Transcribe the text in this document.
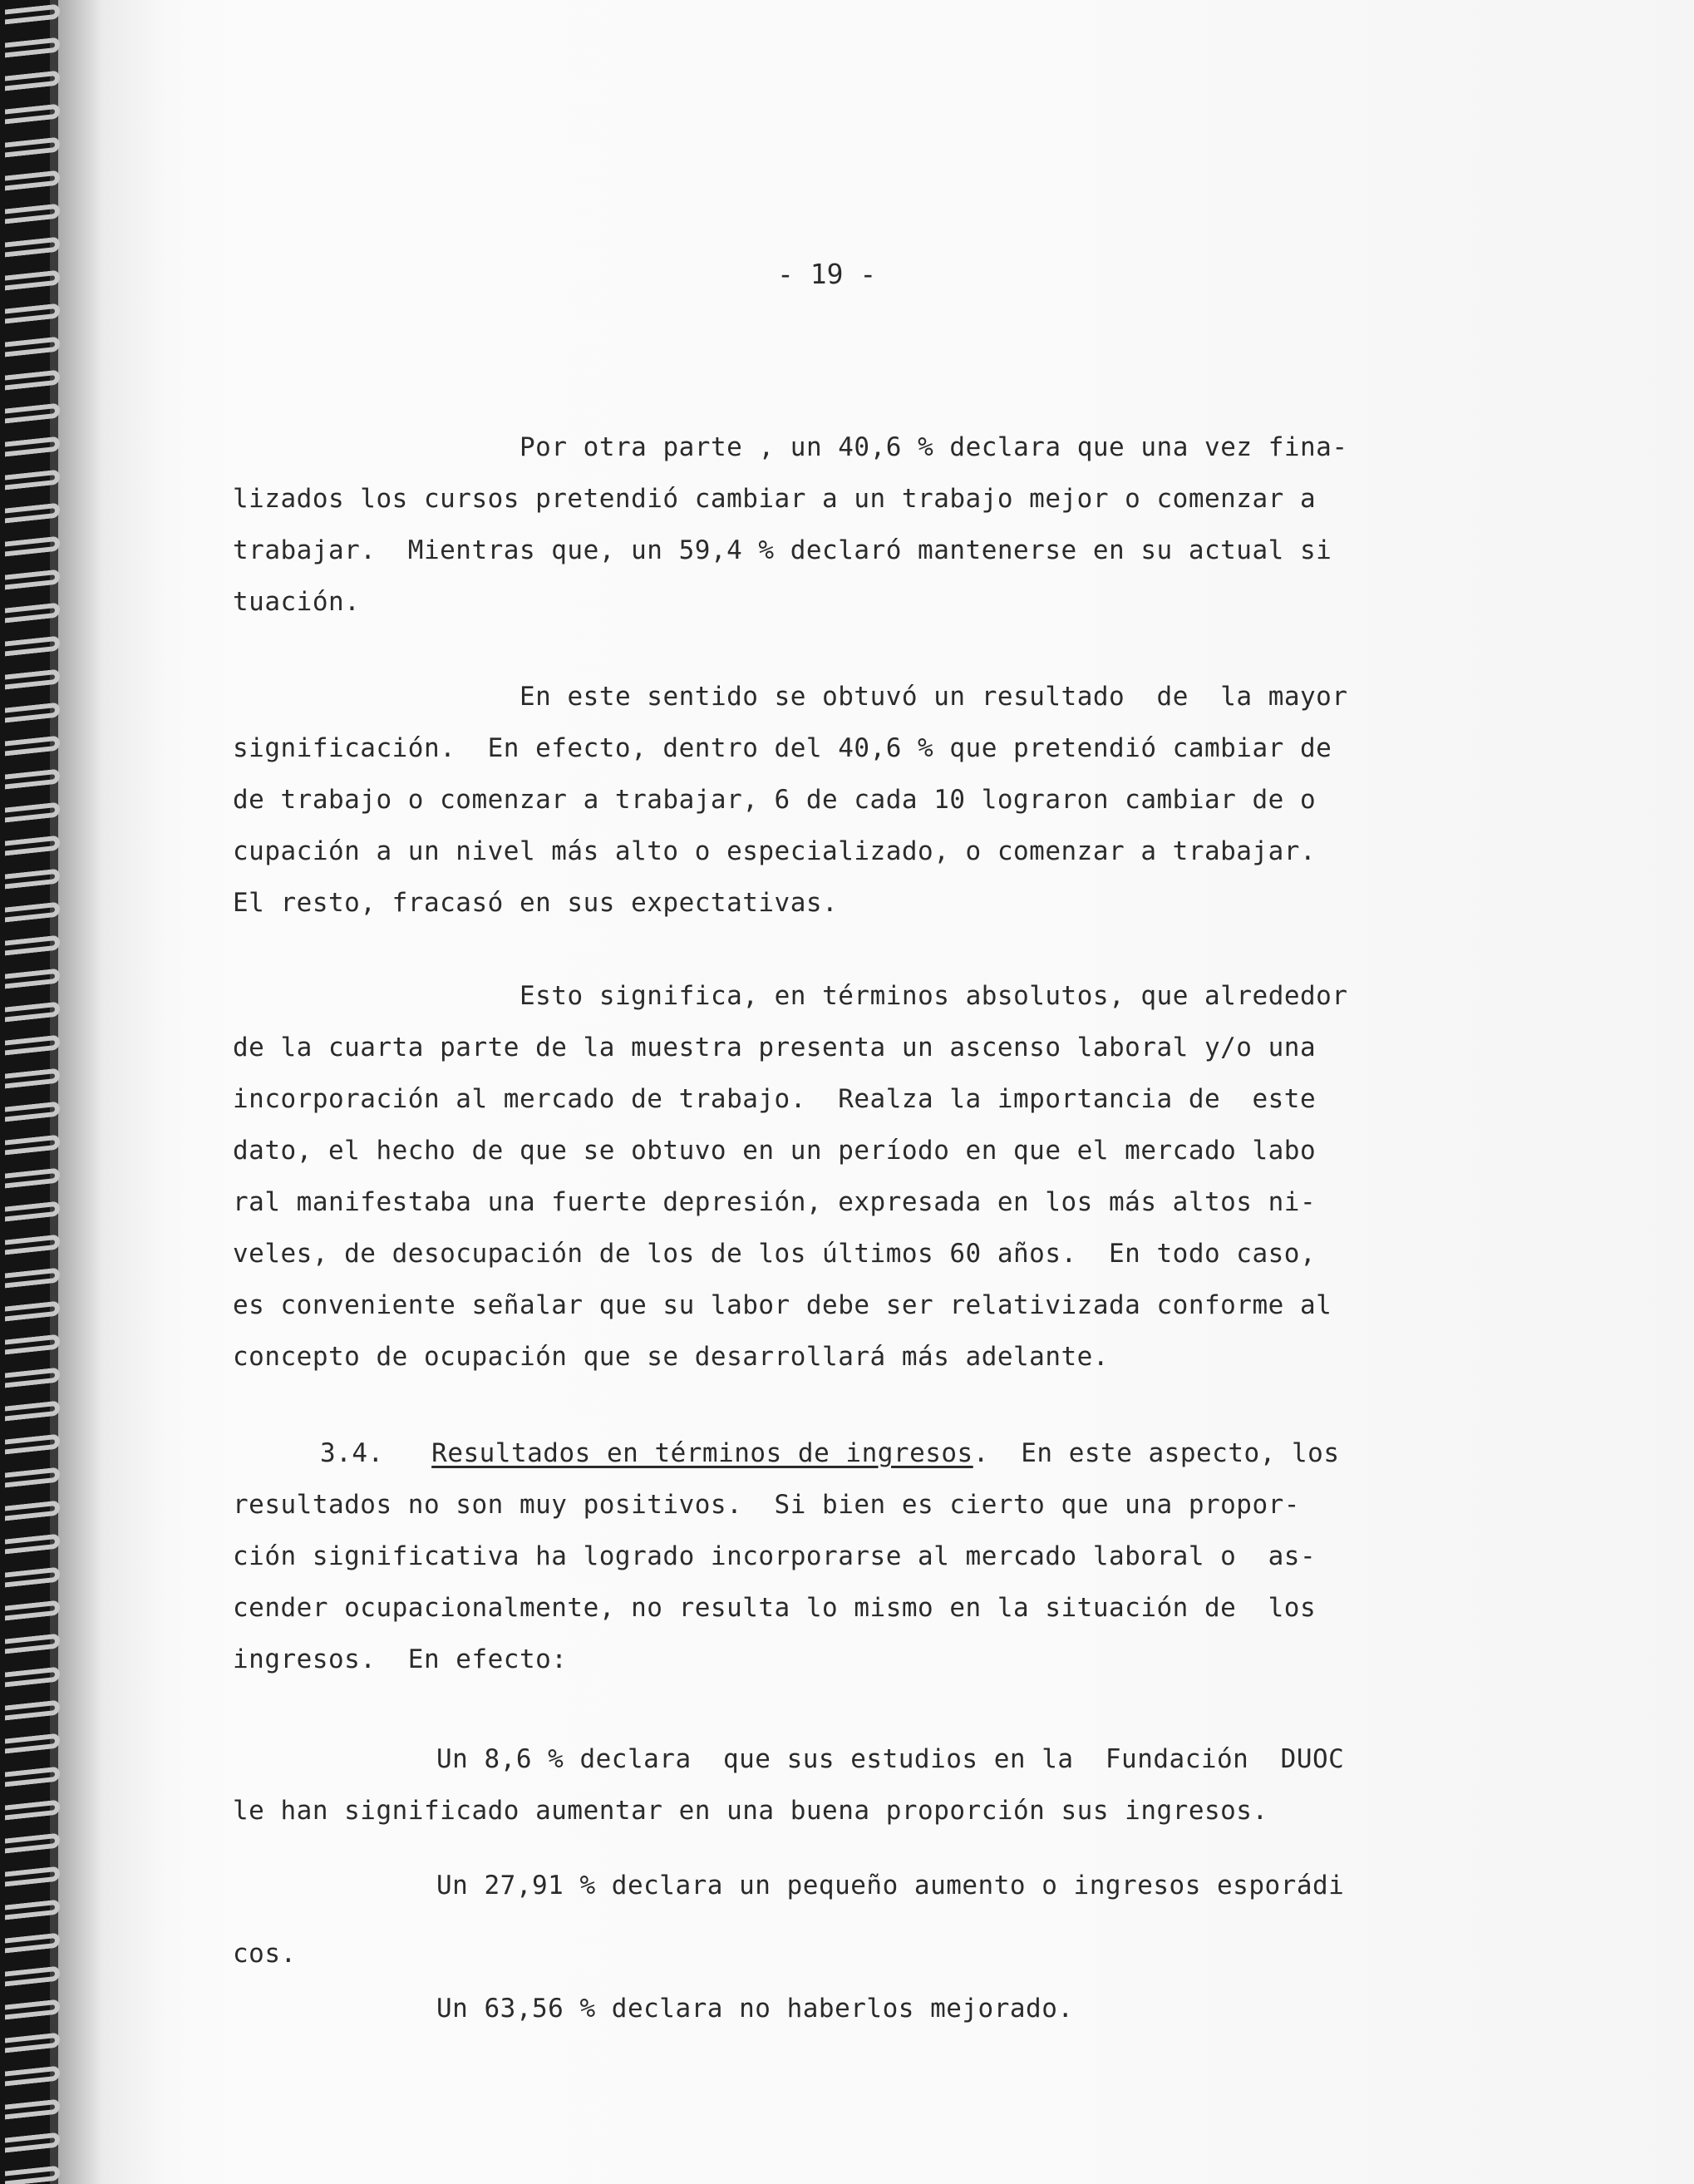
- 19 -

Por otra parte , un 40,6 % declara que una vez fina-

lizados los cursos pretendió cambiar a un trabajo mejor o comenzar a

trabajar.  Mientras que, un 59,4 % declaró mantenerse en su actual si

tuación.

En este sentido se obtuvó un resultado  de  la mayor

significación.  En efecto, dentro del 40,6 % que pretendió cambiar de

de trabajo o comenzar a trabajar, 6 de cada 10 lograron cambiar de o

cupación a un nivel más alto o especializado, o comenzar a trabajar.

El resto, fracasó en sus expectativas.

Esto significa, en términos absolutos, que alrededor

de la cuarta parte de la muestra presenta un ascenso laboral y/o una

incorporación al mercado de trabajo.  Realza la importancia de  este

dato, el hecho de que se obtuvo en un período en que el mercado labo

ral manifestaba una fuerte depresión, expresada en los más altos ni-

veles, de desocupación de los de los últimos 60 años.  En todo caso,

es conveniente señalar que su labor debe ser relativizada conforme al

concepto de ocupación que se desarrollará más adelante.

3.4. Resultados en términos de ingresos.  En este aspecto, los

resultados no son muy positivos.  Si bien es cierto que una propor-

ción significativa ha logrado incorporarse al mercado laboral o  as-

cender ocupacionalmente, no resulta lo mismo en la situación de  los

ingresos.  En efecto:

Un 8,6 % declara  que sus estudios en la  Fundación  DUOC

le han significado aumentar en una buena proporción sus ingresos.

Un 27,91 % declara un pequeño aumento o ingresos esporádi

cos.

Un 63,56 % declara no haberlos mejorado.
